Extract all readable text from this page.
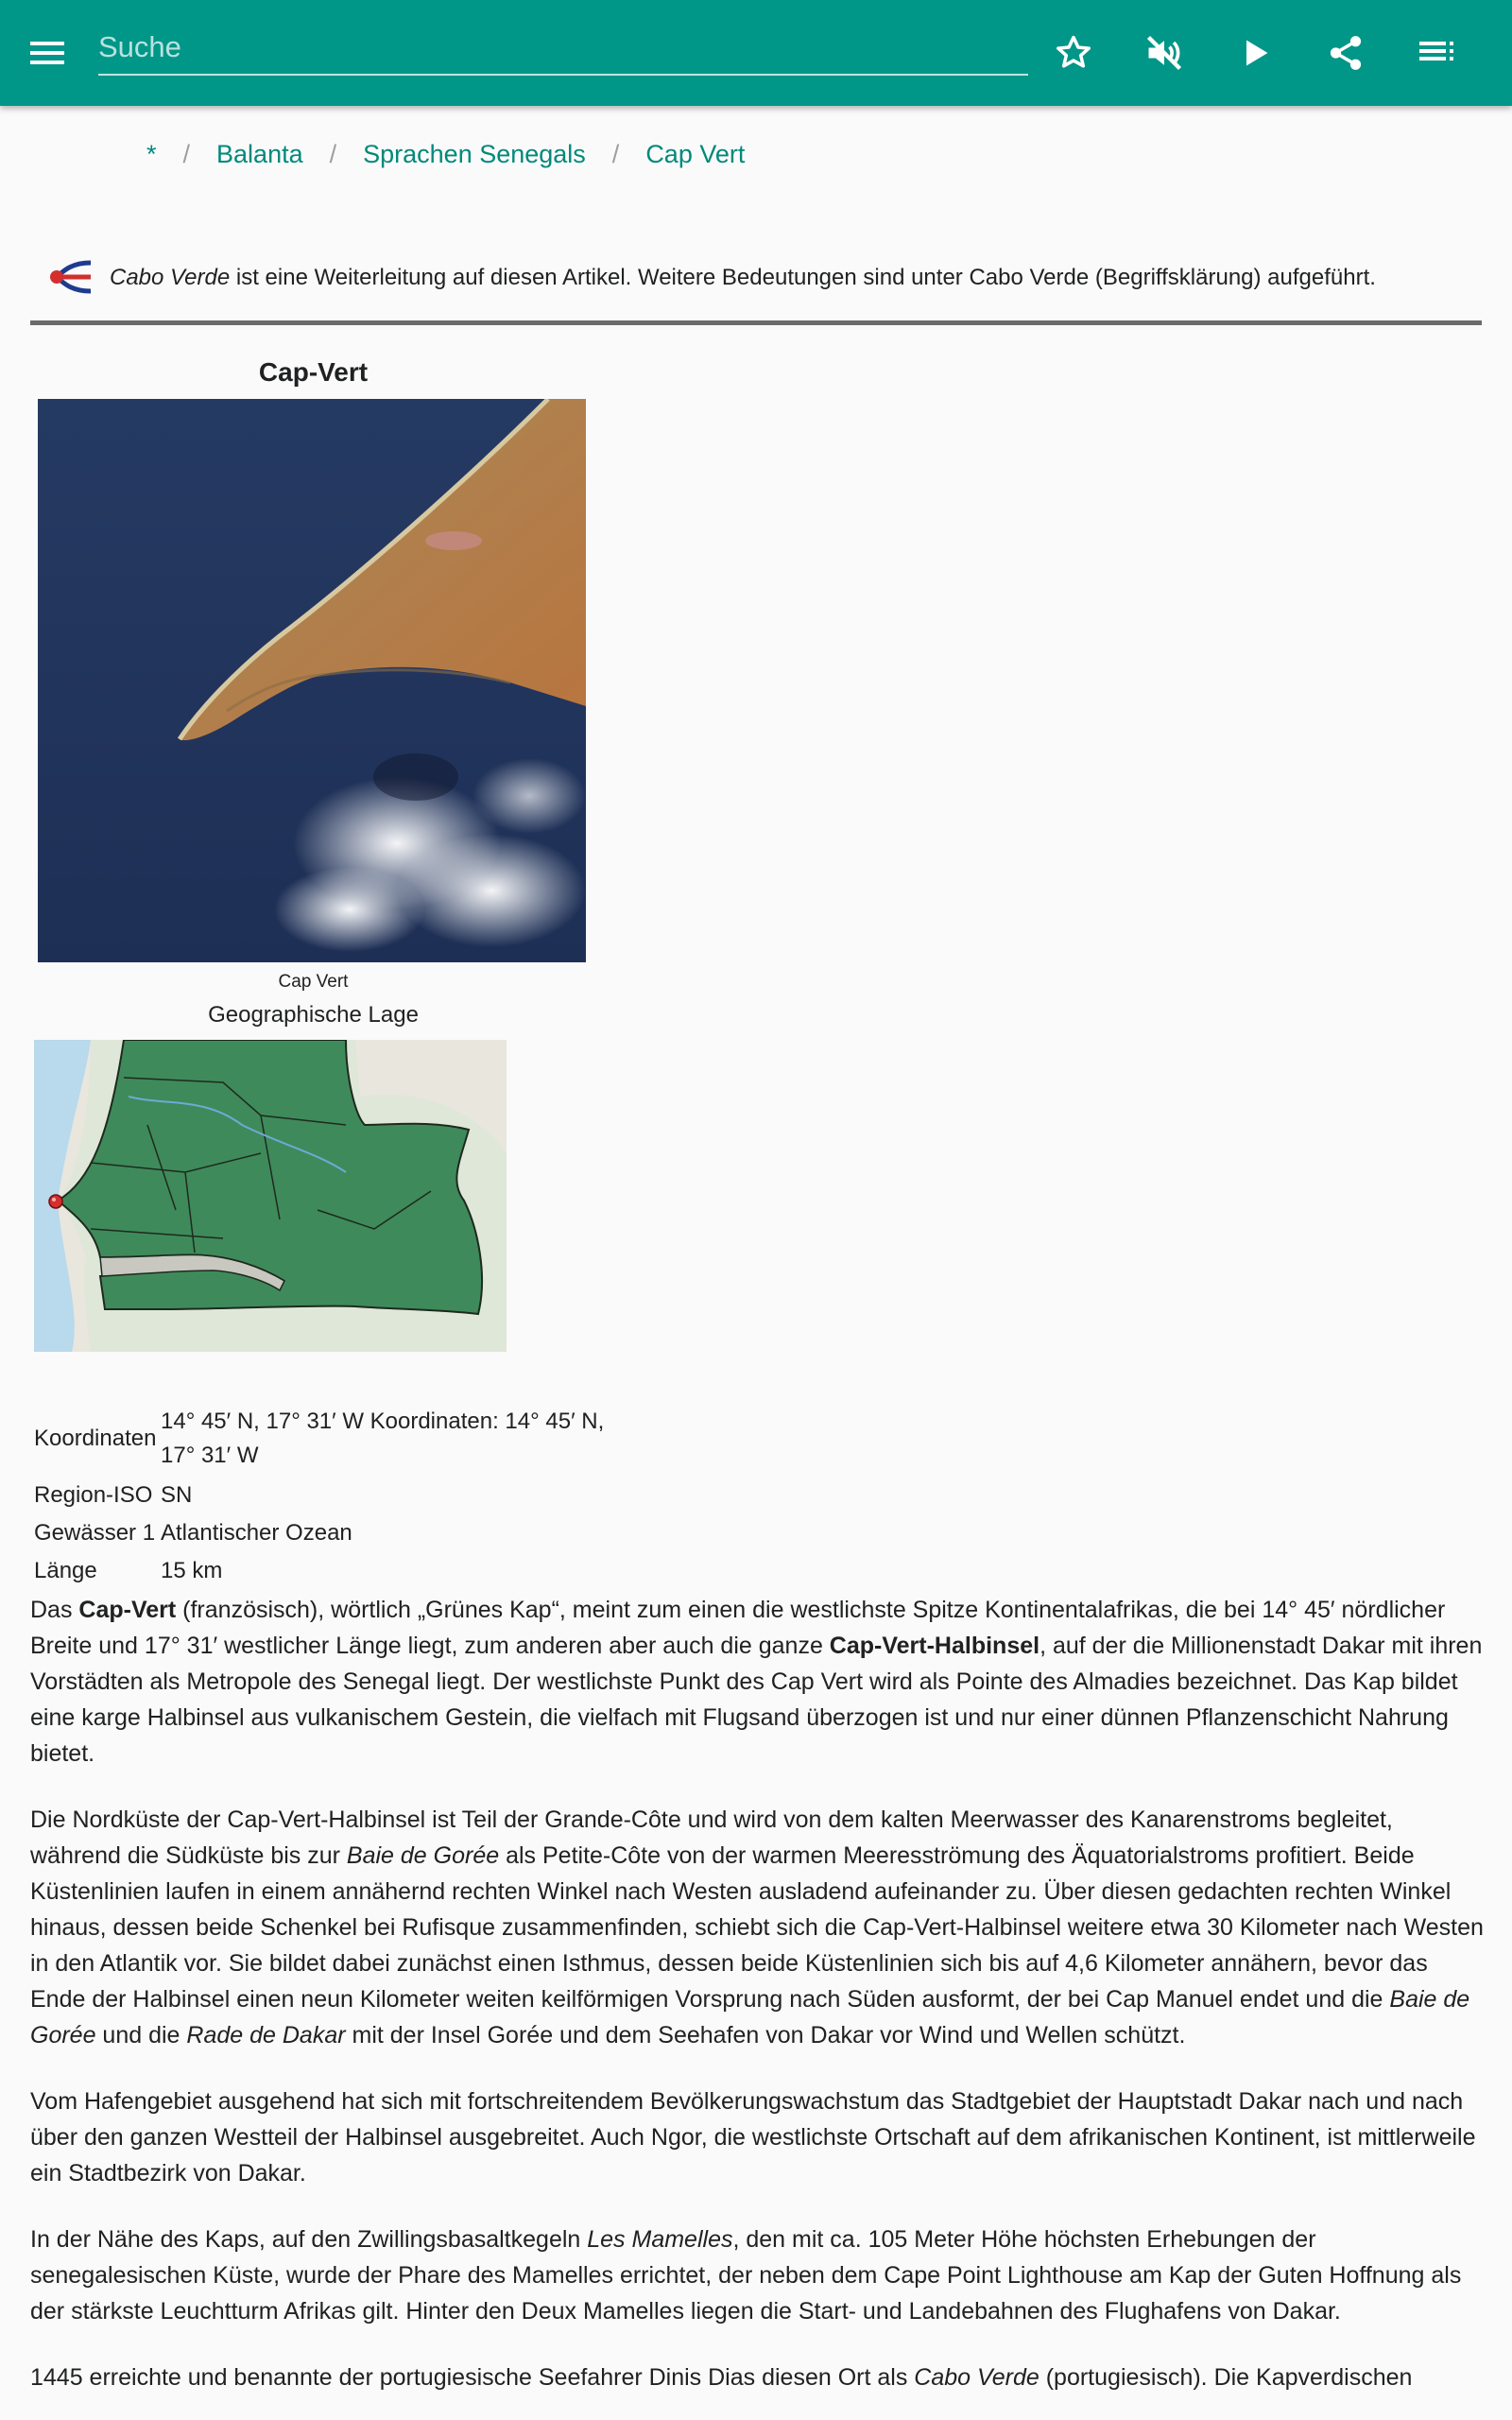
Suche
* / Balanta / Sprachen Senegals / Cap Vert
Cabo Verde ist eine Weiterleitung auf diesen Artikel. Weitere Bedeutungen sind unter Cabo Verde (Begriffsklärung) aufgeführt.
Cap-Vert
Cap Vert
Geographische Lage
Koordinaten
14° 45′ N, 17° 31′ W Koordinaten: 14° 45′ N,
17° 31′ W
Region-ISO SN
Gewässer 1 Atlantischer Ozean
Länge	15 km

Das Cap-Vert (französisch), wörtlich „Grünes Kap“, meint zum einen die westlichste Spitze Kontinentalafrikas, die bei 14° 45′ nördlicher Breite und 17° 31′ westlicher Länge liegt, zum anderen aber auch die ganze Cap-Vert-Halbinsel, auf der die Millionenstadt Dakar mit ihren Vorstädten als Metropole des Senegal liegt. Der westlichste Punkt des Cap Vert wird als Pointe des Almadies bezeichnet. Das Kap bildet eine karge Halbinsel aus vulkanischem Gestein, die vielfach mit Flugsand überzogen ist und nur einer dünnen Pflanzenschicht Nahrung bietet.

Die Nordküste der Cap-Vert-Halbinsel ist Teil der Grande-Côte und wird von dem kalten Meerwasser des Kanarenstroms begleitet, während die Südküste bis zur Baie de Gorée als Petite-Côte von der warmen Meeresströmung des Äquatorialstroms profitiert. Beide Küstenlinien laufen in einem annähernd rechten Winkel nach Westen ausladend aufeinander zu. Über diesen gedachten rechten Winkel hinaus, dessen beide Schenkel bei Rufisque zusammenfinden, schiebt sich die Cap-Vert-Halbinsel weitere etwa 30 Kilometer nach Westen in den Atlantik vor. Sie bildet dabei zunächst einen Isthmus, dessen beide Küstenlinien sich bis auf 4,6 Kilometer annähern, bevor das Ende der Halbinsel einen neun Kilometer weiten keilförmigen Vorsprung nach Süden ausformt, der bei Cap Manuel endet und die Baie de Gorée und die Rade de Dakar mit der Insel Gorée und dem Seehafen von Dakar vor Wind und Wellen schützt.

Vom Hafengebiet ausgehend hat sich mit fortschreitendem Bevölkerungswachstum das Stadtgebiet der Hauptstadt Dakar nach und nach über den ganzen Westteil der Halbinsel ausgebreitet. Auch Ngor, die westlichste Ortschaft auf dem afrikanischen Kontinent, ist mittlerweile ein Stadtbezirk von Dakar.

In der Nähe des Kaps, auf den Zwillingsbasaltkegeln Les Mamelles, den mit ca. 105 Meter Höhe höchsten Erhebungen der senegalesischen Küste, wurde der Phare des Mamelles errichtet, der neben dem Cape Point Lighthouse am Kap der Guten Hoffnung als der stärkste Leuchtturm Afrikas gilt. Hinter den Deux Mamelles liegen die Start- und Landebahnen des Flughafens von Dakar.

1445 erreichte und benannte der portugiesische Seefahrer Dinis Dias diesen Ort als Cabo Verde (portugiesisch). Die Kapverdischen
